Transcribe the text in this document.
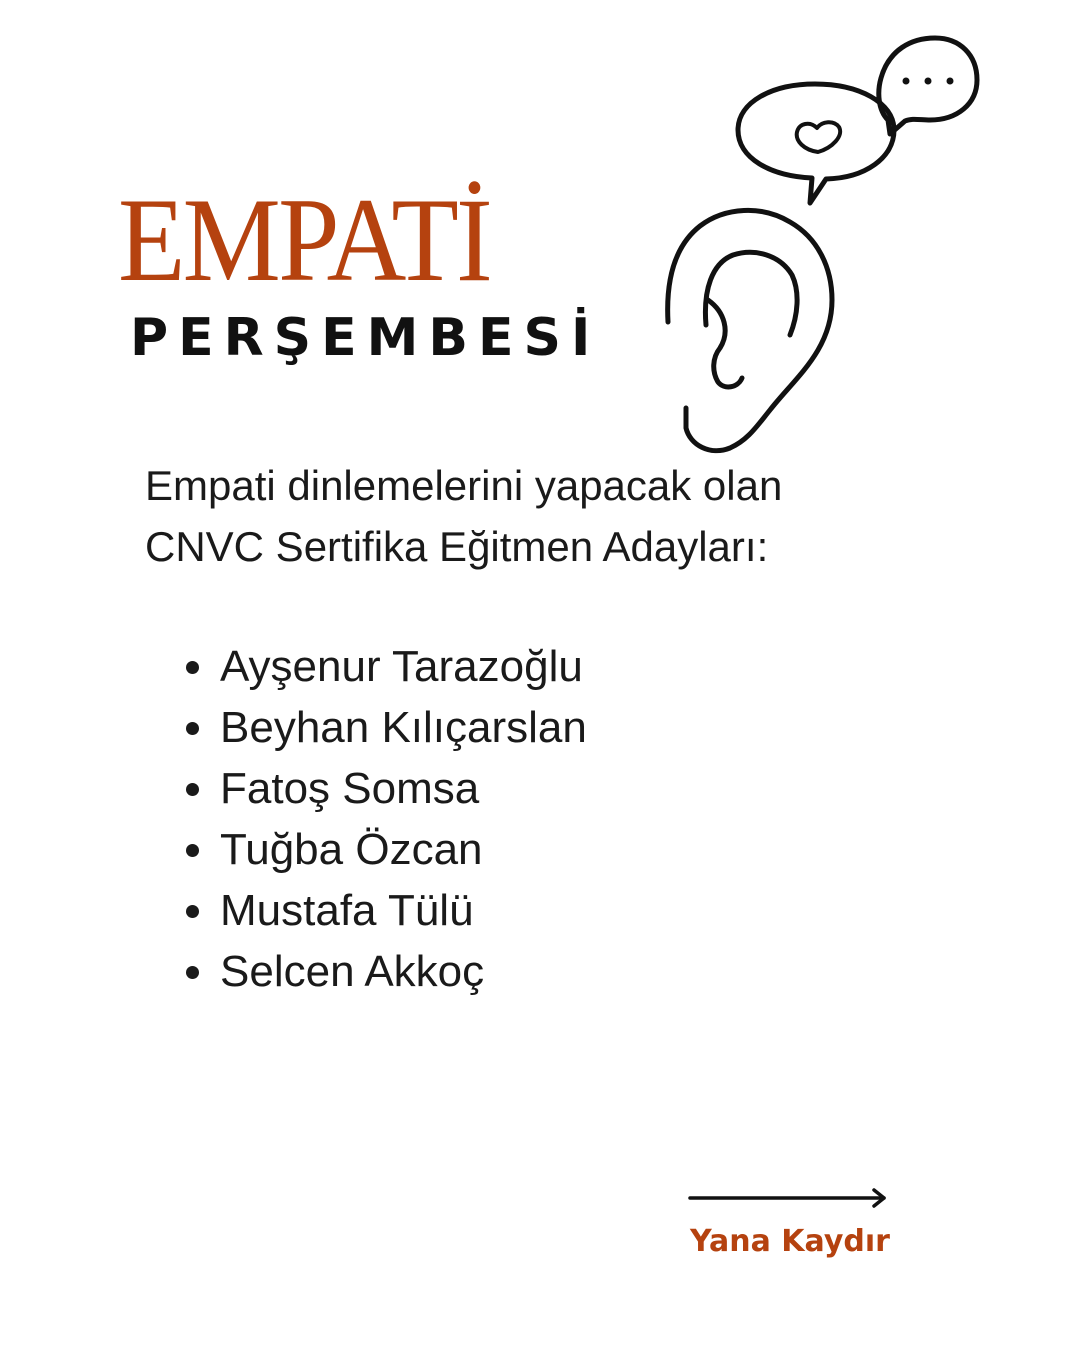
EMPATİ
PERŞEMBESİ

Empati dinlemelerini yapacak olan
CNVC Sertifika Eğitmen Adayları:

Ayşenur Tarazoğlu
Beyhan Kılıçarslan
Fatoş Somsa
Tuğba Özcan
Mustafa Tülü
Selcen Akkoç
Yana Kaydır
